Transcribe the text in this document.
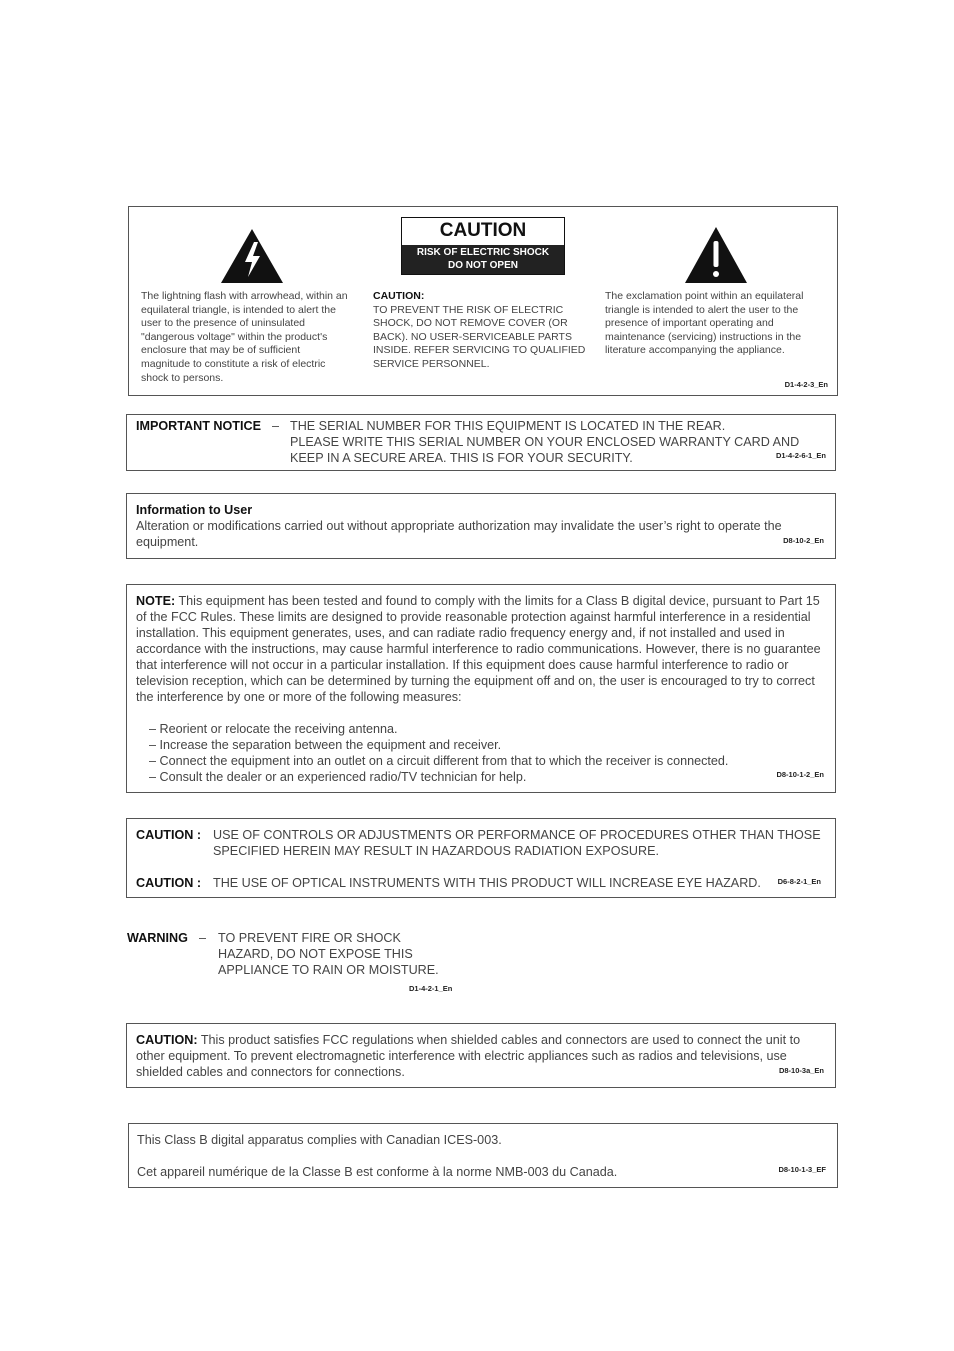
CAUTION
RISK OF ELECTRIC SHOCK
DO NOT OPEN
The lightning flash with arrowhead, within an equilateral triangle, is intended to alert the user to the presence of uninsulated "dangerous voltage" within the product's enclosure that may be of sufficient magnitude to constitute a risk of electric shock to persons.
CAUTION:
TO PREVENT THE RISK OF ELECTRIC SHOCK, DO NOT REMOVE COVER (OR BACK). NO USER-SERVICEABLE PARTS INSIDE. REFER SERVICING TO QUALIFIED SERVICE PERSONNEL.
The exclamation point within an equilateral triangle is intended to alert the user to the presence of important operating and maintenance (servicing) instructions in the literature accompanying the appliance.
D1-4-2-3_En
IMPORTANT NOTICE – THE SERIAL NUMBER FOR THIS EQUIPMENT IS LOCATED IN THE REAR.
PLEASE WRITE THIS SERIAL NUMBER ON YOUR ENCLOSED WARRANTY CARD AND
KEEP IN A SECURE AREA. THIS IS FOR YOUR SECURITY.	D1-4-2-6-1_En
Information to User
Alteration or modifications carried out without appropriate authorization may invalidate the user’s right to operate the equipment.	D8-10-2_En
NOTE: This equipment has been tested and found to comply with the limits for a Class B digital device, pursuant to Part 15 of the FCC Rules. These limits are designed to provide reasonable protection against harmful interference in a residential installation. This equipment generates, uses, and can radiate radio frequency energy and, if not installed and used in accordance with the instructions, may cause harmful interference to radio communications. However, there is no guarantee that interference will not occur in a particular installation. If this equipment does cause harmful interference to radio or television reception, which can be determined by turning the equipment off and on, the user is encouraged to try to correct the interference by one or more of the following measures:
– Reorient or relocate the receiving antenna.
– Increase the separation between the equipment and receiver.
– Connect the equipment into an outlet on a circuit different from that to which the receiver is connected.
– Consult the dealer or an experienced radio/TV technician for help.	D8-10-1-2_En
CAUTION : USE OF CONTROLS OR ADJUSTMENTS OR PERFORMANCE OF PROCEDURES OTHER THAN THOSE SPECIFIED HEREIN MAY RESULT IN HAZARDOUS RADIATION EXPOSURE.
CAUTION : THE USE OF OPTICAL INSTRUMENTS WITH THIS PRODUCT WILL INCREASE EYE HAZARD.	D6-8-2-1_En
WARNING – TO PREVENT FIRE OR SHOCK
HAZARD, DO NOT EXPOSE THIS
APPLIANCE TO RAIN OR MOISTURE.
D1-4-2-1_En
CAUTION: This product satisfies FCC regulations when shielded cables and connectors are used to connect the unit to other equipment. To prevent electromagnetic interference with electric appliances such as radios and televisions, use shielded cables and connectors for connections.	D8-10-3a_En
This Class B digital apparatus complies with Canadian ICES-003.
Cet appareil numérique de la Classe B est conforme à la norme NMB-003 du Canada.	D8-10-1-3_EF
